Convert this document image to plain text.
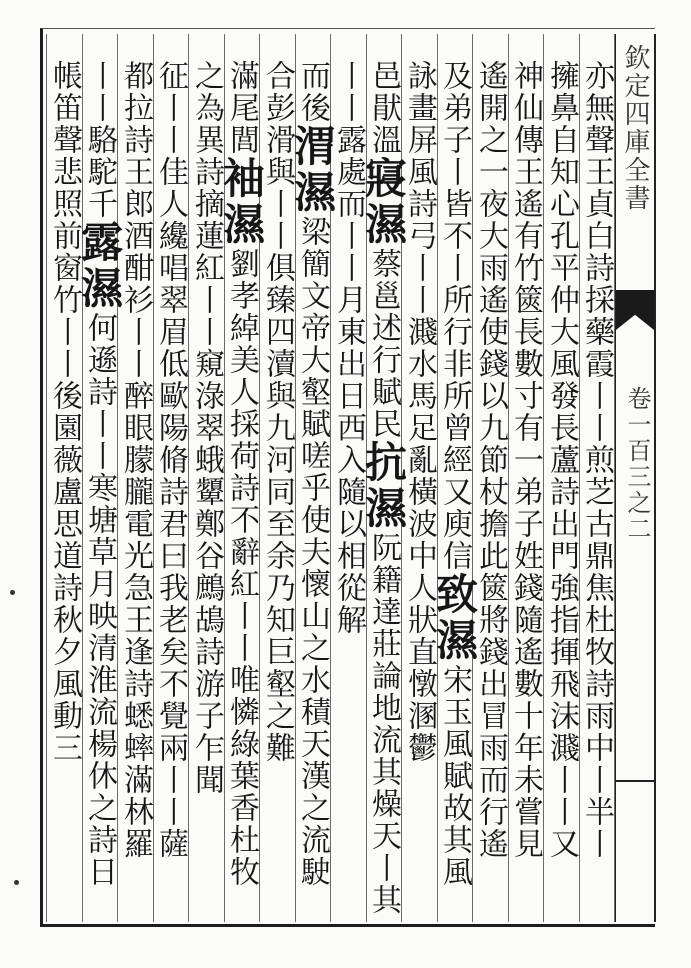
欽定四庫全書
卷一百三之二
亦無聲王貞白詩採藥霞丨丨煎芝古鼎焦杜牧詩雨中丨半丨
擁鼻自知心孔平仲大風發長蘆詩出門強指揮飛沫濺丨丨又
神仙傳王遙有竹篋長數寸有一弟子姓錢隨遙數十年未嘗見
遙開之一夜大雨遙使錢以九節杖擔此篋將錢出冒雨而行遙
及弟子丨皆不丨所行非所曾經又庾信致濕宋玉風賦故其風
詠畫屏風詩弓丨丨濺水馬足亂橫波中人狀直憞溷鬱
邑猒溫寢濕蔡邕述行賦民抗濕阮籍達莊論地流其燥天丨其
丨丨露處而丨丨月東出日西入隨以相從解
而後渭濕梁簡文帝大壑賦嗟乎使夫懷山之水積天漢之流駛
合彭滑與丨丨俱臻四瀆與九河同至余乃知巨壑之難
滿尾閭袖濕劉孝綽美人採荷詩不辭紅丨丨唯憐綠葉香杜牧
之為異詩摘蓮紅丨丨窺淥翠蛾顰鄭谷鷓鴣詩游子乍聞
征丨丨佳人纔唱翠眉低歐陽脩詩君曰我老矣不覺兩丨丨薩
都拉詩王郎酒酣衫丨丨醉眼朦朧電光急王逢詩蟋蟀滿林羅
丨丨駱駝千露濕何遜詩丨丨寒塘草月映清淮流楊休之詩日
帳笛聲悲照前窗竹丨丨後園薇盧思道詩秋夕風動三
